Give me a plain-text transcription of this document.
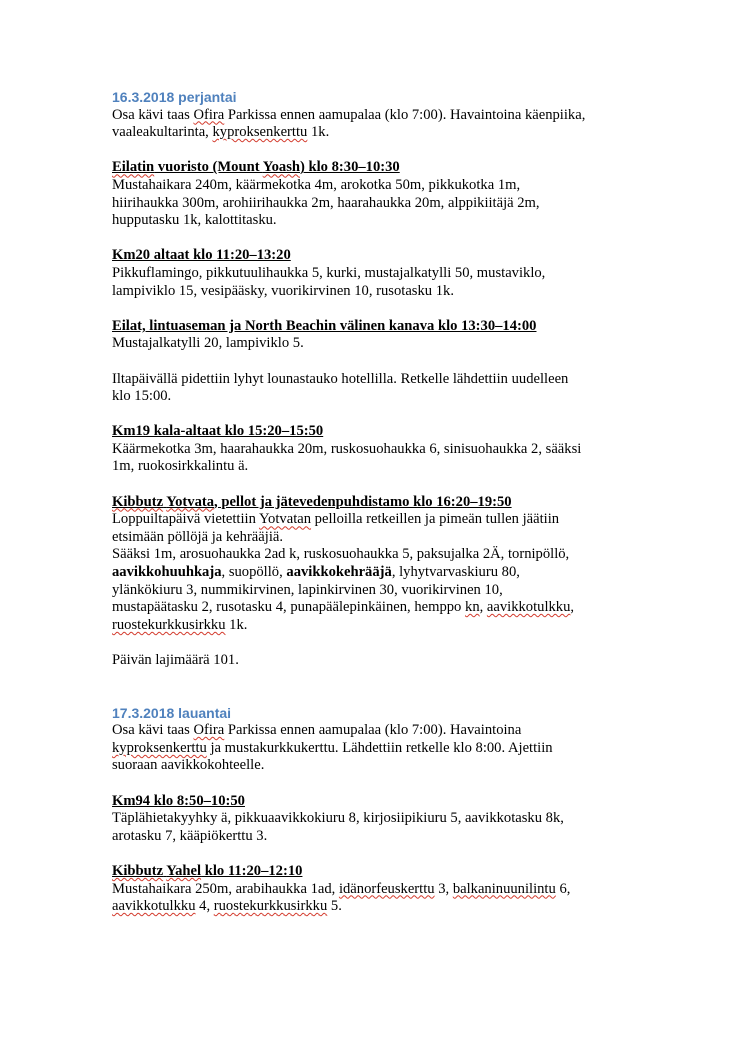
16.3.2018 perjantai

Osa kävi taas Ofira Parkissa ennen aamupalaa (klo 7:00). Havaintoina käenpiika,
vaaleakultarinta, kyproksenkerttu 1k.

Eilatin vuoristo (Mount Yoash) klo 8:30–10:30

Mustahaikara 240m, käärmekotka 4m, arokotka 50m, pikkukotka 1m,
hiirihaukka 300m, arohiirihaukka 2m, haarahaukka 20m, alppikiitäjä 2m,
hupputasku 1k, kalottitasku.

Km20 altaat klo 11:20–13:20

Pikkuflamingo, pikkutuulihaukka 5, kurki, mustajalkatylli 50, mustaviklo,
lampiviklo 15, vesipääsky, vuorikirvinen 10, rusotasku 1k.

Eilat, lintuaseman ja North Beachin välinen kanava klo 13:30–14:00

Mustajalkatylli 20, lampiviklo 5.

Iltapäivällä pidettiin lyhyt lounastauko hotellilla. Retkelle lähdettiin uudelleen
klo 15:00.

Km19 kala-altaat klo 15:20–15:50

Käärmekotka 3m, haarahaukka 20m, ruskosuohaukka 6, sinisuohaukka 2, sääksi
1m, ruokosirkkalintu ä.

Kibbutz Yotvata, pellot ja jätevedenpuhdistamo klo 16:20–19:50

Loppuiltapäivä vietettiin Yotvatan pelloilla retkeillen ja pimeän tullen jäätiin
etsimään pöllöjä ja kehrääjiä.
Sääksi 1m, arosuohaukka 2ad k, ruskosuohaukka 5, paksujalka 2Ä, tornipöllö,
aavikkohuuhkaja, suopöllö, aavikkokehrääjä, lyhytvarvaskiuru 80,
ylänkökiuru 3, nummikirvinen, lapinkirvinen 30, vuorikirvinen 10,
mustapäätasku 2, rusotasku 4, punapäälepinkäinen, hemppo kn, aavikkotulkku,
ruostekurkkusirkku 1k.

Päivän lajimäärä 101.

17.3.2018 lauantai

Osa kävi taas Ofira Parkissa ennen aamupalaa (klo 7:00). Havaintoina
kyproksenkerttu ja mustakurkkukerttu. Lähdettiin retkelle klo 8:00. Ajettiin
suoraan aavikkokohteelle.

Km94 klo 8:50–10:50

Täplähietakyyhky ä, pikkuaavikkokiuru 8, kirjosiipikiuru 5, aavikkotasku 8k,
arotasku 7, kääpiökerttu 3.

Kibbutz Yahel klo 11:20–12:10

Mustahaikara 250m, arabihaukka 1ad, idänorfeuskerttu 3, balkaninuunilintu 6,
aavikkotulkku 4, ruostekurkkusirkku 5.
